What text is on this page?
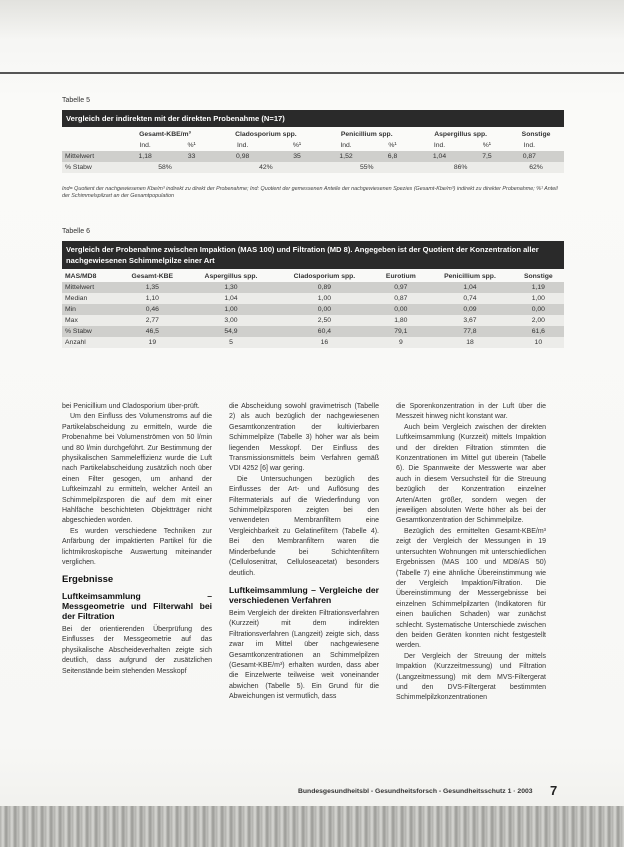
Tabelle 5
Vergleich der indirekten mit der direkten Probenahme (N=17)
	Gesamt-KBE/m³		Cladosporium spp.		Penicillium spp.		Aspergillus spp.		Sonstige	
	Ind.	%¹	Ind.	%¹	Ind.	%¹	Ind.	%¹	Ind.	
Mittelwert	1,18	33	0,98	35	1,52	6,8	1,04	7,5	0,87	
% Stabw	58%		42%		55%		86%		62%	
Ind= Quotient der nachgewiesenen Kbe/m³ indirekt zu direkt der Probenahme; Ind: Quotient der gemessenen Anteile der nachgewiesenen Spezies (Gesamt-Kbe/m³) indirekt zu direkter Probenahme; %¹ Anteil der Schimmelspilzart an der Gesamtpopulation
Tabelle 6
Vergleich der Probenahme zwischen Impaktion (MAS 100) und Filtration (MD 8). Angegeben ist der Quotient der Konzentration aller nachgewiesenen Schimmelpilze einer Art
MAS/MD8	Gesamt-KBE	Aspergillus spp.	Cladosporium spp.	Eurotium	Penicillium spp.	Sonstige
Mittelwert	1,35	1,30	0,89	0,97	1,04	1,19
Median	1,10	1,04	1,00	0,87	0,74	1,00
Min	0,46	1,00	0,00	0,00	0,09	0,00
Max	2,77	3,00	2,50	1,80	3,67	2,00
% Stabw	46,5	54,9	60,4	79,1	77,8	61,6
Anzahl	19	5	16	9	18	10

bei Penicillium und Cladosporium über-prüft.

Um den Einfluss des Volumenstroms auf die Partikelabscheidung zu ermitteln, wurde die Probenahme bei Volumenströmen von 50 l/min und 80 l/min durchgeführt. Zur Bestimmung der physikalischen Sammeleffizienz wurde die Luft nach Partikelabscheidung zusätzlich noch über einen Filter gesogen, um anhand der Luftkeimzahl zu ermitteln, welcher Anteil an Schimmelpilzsporen die auf dem mit einer Hahlfäche beschichteten Objektträger nicht abgeschieden worden.

Es wurden verschiedene Techniken zur Anfärbung der impaktierten Partikel für die lichtmikroskopische Auswertung miteinander verglichen.

Ergebnisse
Luftkeimsammlung – Messgeometrie und Filterwahl bei der Filtration

Bei der orientierenden Überprüfung des Einflusses der Messgeometrie auf das physikalische Abscheideverhalten zeigte sich deutlich, dass aufgrund der zusätzlichen Seitenstände beim stehenden Messkopf

die Abscheidung sowohl gravimetrisch (Tabelle 2) als auch bezüglich der nachgewiesenen Gesamtkonzentration der kultivierbaren Schimmelpilze (Tabelle 3) höher war als beim liegenden Messkopf. Der Einfluss des Transmissionsmittels beim Verfahren gemäß VDI 4252 [6] war gering.

Die Untersuchungen bezüglich des Einflusses der Art- und Auflösung des Filtermaterials auf die Wiederfindung von Schimmelpilzsporen zeigten bei den verwendeten Membranfiltern eine Vergleichbarkeit zu Gelatinefiltern (Tabelle 4). Bei den Membranfiltern waren die Minderbefunde bei Schichtenfiltern (Cellulosenitrat, Celluloseacetat) besonders deutlich.

Luftkeimsammlung – Vergleiche der verschiedenen Verfahren

Beim Vergleich der direkten Filtrationsverfahren (Kurzzeit) mit dem indirekten Filtrationsverfahren (Langzeit) zeigte sich, dass zwar im Mittel über nachgewiesene Gesamtkonzentrationen an Schimmelpilzen (Gesamt-KBE/m³) erhalten wurden, dass aber die Einzelwerte teilweise weit voneinander abwichen (Tabelle 5). Ein Grund für die Abweichungen ist vermutlich, dass

die Sporenkonzentration in der Luft über die Messzeit hinweg nicht konstant war.

Auch beim Vergleich zwischen der direkten Luftkeimsammlung (Kurzzeit) mittels Impaktion und der direkten Filtration stimmten die Konzentrationen im Mittel gut überein (Tabelle 6). Die Spannweite der Messwerte war aber auch in diesem Versuchsteil für die Streuung bezüglich der Konzentration einzelner Arten/Arten größer, sondern wegen der jeweiligen absoluten Werte höher als bei der Gesamtkonzentration der Schimmelpilze.

Bezüglich des ermittelten Gesamt-KBE/m³ zeigt der Vergleich der Messungen in 19 untersuchten Wohnungen mit unterschiedlichen Ergebnissen (MAS 100 und MD8/AS 50) (Tabelle 7) eine ähnliche Übereinstimmung wie der Vergleich Impaktion/Filtration. Die Übereinstimmung der Messergebnisse bei einzelnen Schimmelpilzarten (Indikatoren für einen baulichen Schaden) war zunächst schlecht. Systematische Unterschiede zwischen den beiden Geräten konnten nicht festgestellt werden.

Der Vergleich der Streuung der mittels Impaktion (Kurzzeitmessung) und Filtration (Langzeitmessung) mit dem MVS-Filtergerat und den DVS-Filtergerat bestimmten Schimmelpilzkonzentrationen

Bundesgesundheitsbl - Gesundheitsforsch - Gesundheitsschutz 1 · 2003 7
